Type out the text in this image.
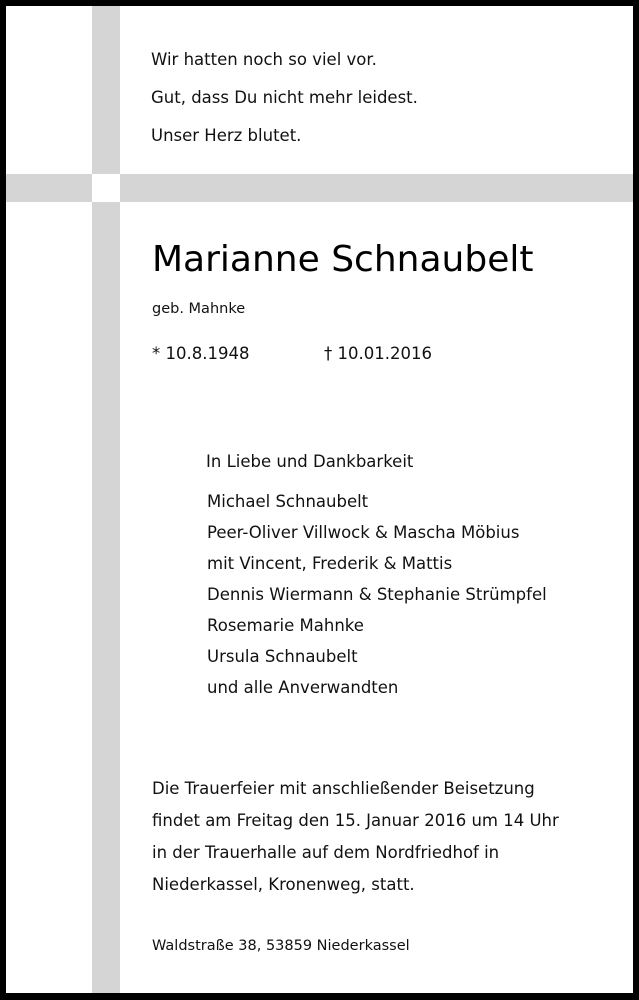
Wir hatten noch so viel vor.
Gut, dass Du nicht mehr leidest.
Unser Herz blutet.
Marianne Schnaubelt
geb. Mahnke
* 10.8.1948	† 10.01.2016
In Liebe und Dankbarkeit
Michael Schnaubelt
Peer-Oliver Villwock & Mascha Möbius
mit Vincent, Frederik & Mattis
Dennis Wiermann & Stephanie Strümpfel
Rosemarie Mahnke
Ursula Schnaubelt
und alle Anverwandten
Die Trauerfeier mit anschließender Beisetzung
findet am Freitag den 15. Januar 2016 um 14 Uhr
in der Trauerhalle auf dem Nordfriedhof in
Niederkassel, Kronenweg, statt.
Waldstraße 38, 53859 Niederkassel
